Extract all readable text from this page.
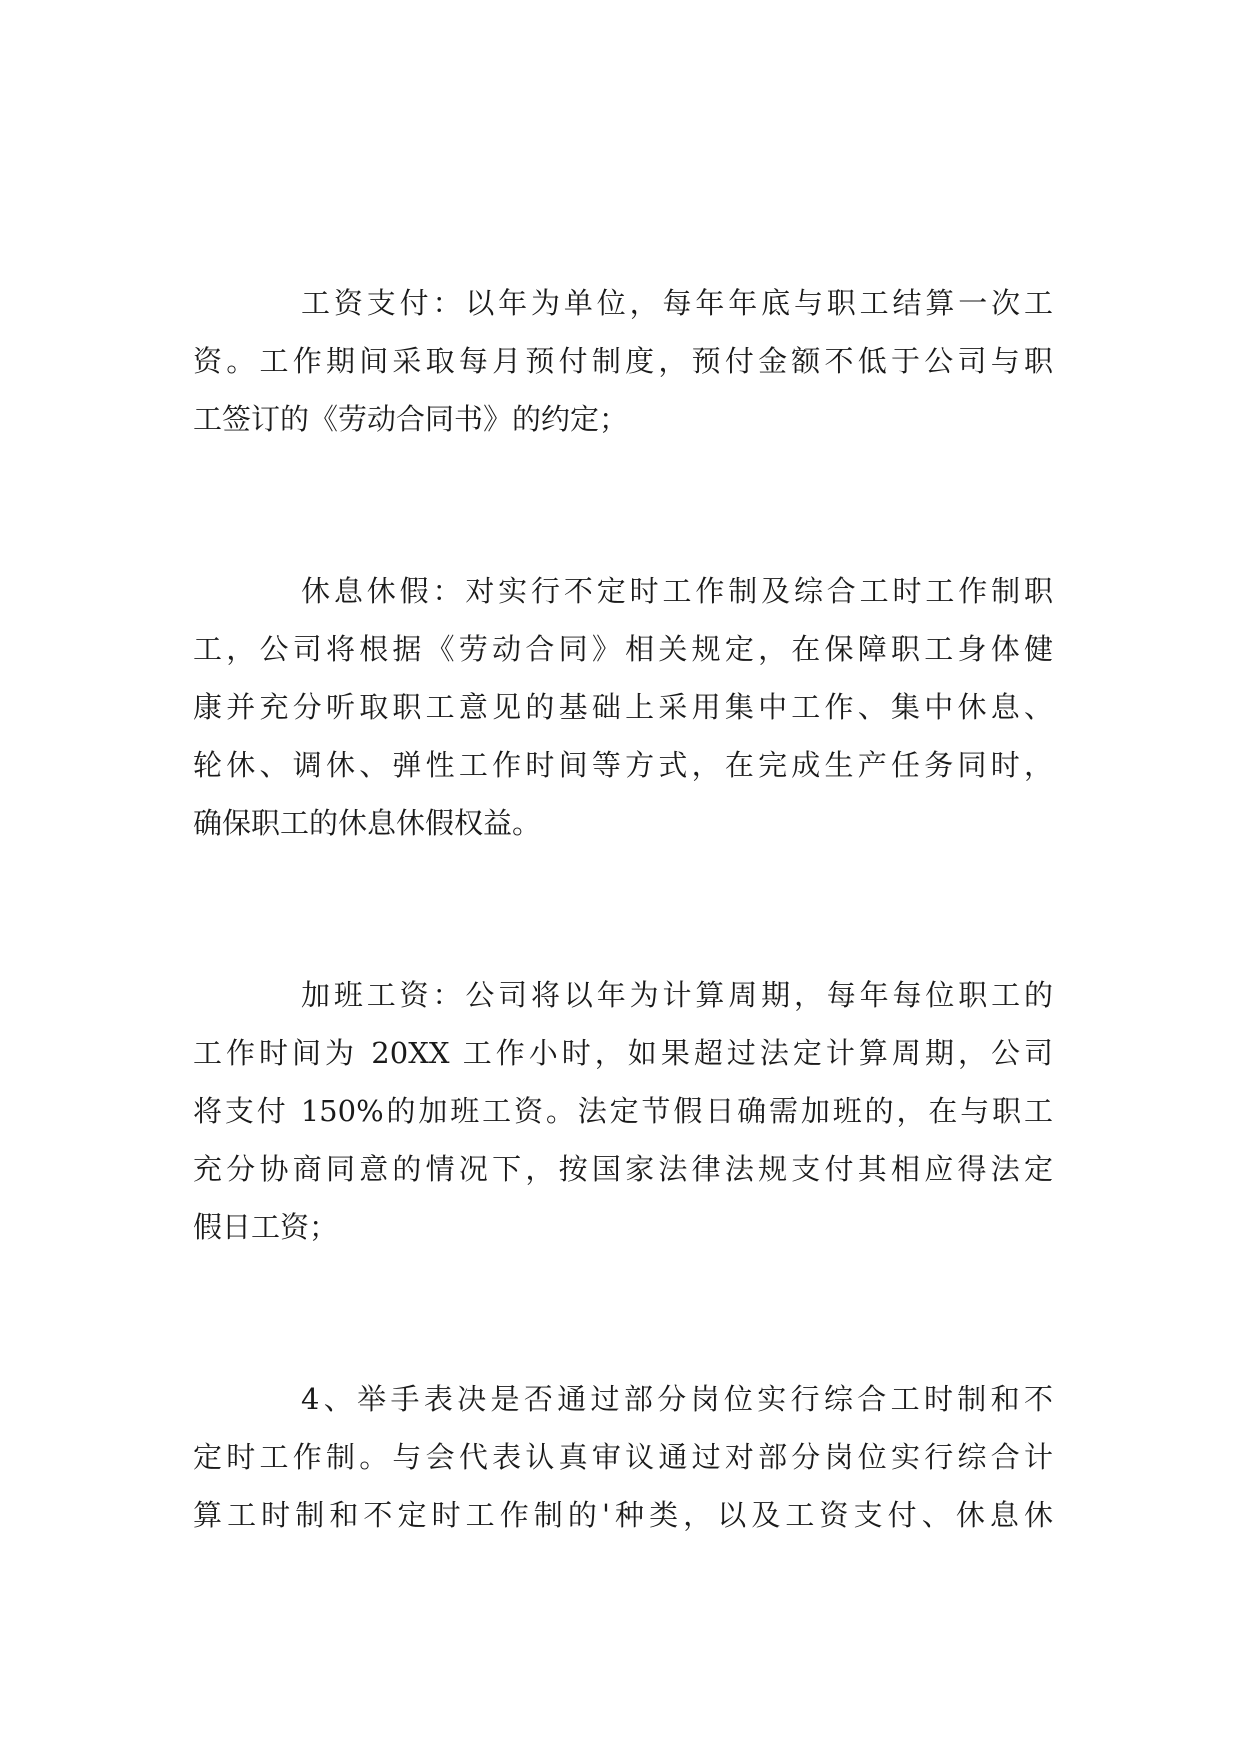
工资支付：以年为单位，每年年底与职工结算一次工
资。工作期间采取每月预付制度，预付金额不低于公司与职
工签订的《劳动合同书》的约定；
休息休假：对实行不定时工作制及综合工时工作制职
工，公司将根据《劳动合同》相关规定，在保障职工身体健
康并充分听取职工意见的基础上采用集中工作、集中休息、
轮休、调休、弹性工作时间等方式，在完成生产任务同时，
确保职工的休息休假权益。
加班工资：公司将以年为计算周期，每年每位职工的
工作时间为 20XX 工作小时，如果超过法定计算周期，公司
将支付 150%的加班工资。法定节假日确需加班的，在与职工
充分协商同意的情况下，按国家法律法规支付其相应得法定
假日工资；
4、举手表决是否通过部分岗位实行综合工时制和不
定时工作制。与会代表认真审议通过对部分岗位实行综合计
算工时制和不定时工作制的'种类，以及工资支付、休息休
